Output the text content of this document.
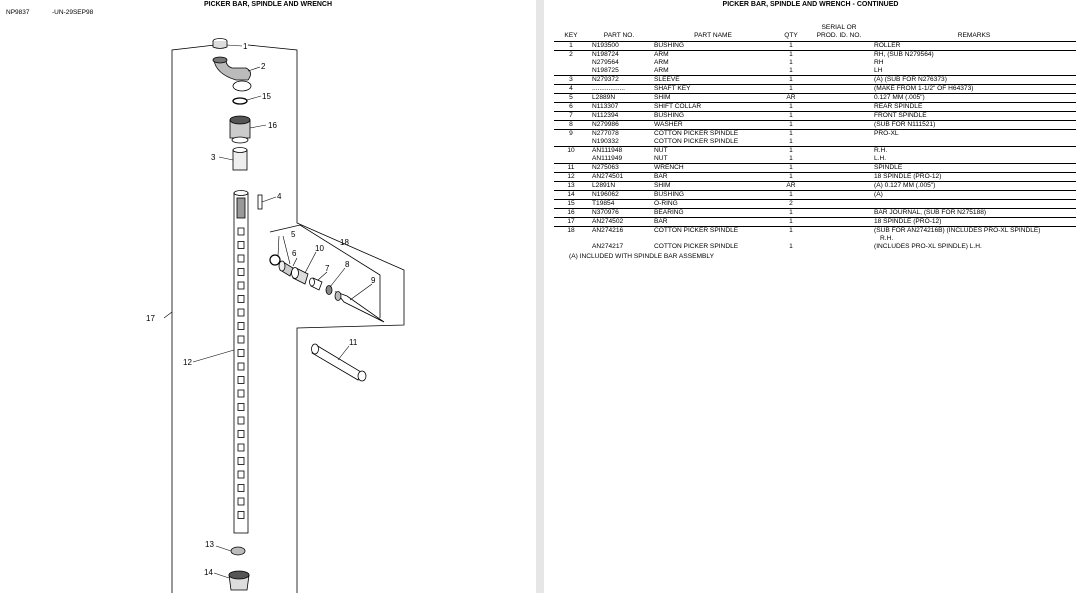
NP9837	-UN-29SEP98
PICKER BAR, SPINDLE AND WRENCH
1
2
15
16
3
4
5
18
10
6
7 8
9
11
17
12
13
14
PICKER BAR, SPINDLE AND WRENCH - CONTINUED
KEY	PART NO.	PART NAME	QTY	SERIAL OR
PROD. ID. NO.	REMARKS
1	N193500	BUSHING	1		ROLLER
2	N198724	ARM	1		RH, (SUB N279564)
	N279564	ARM	1		RH
	N198725	ARM	1		LH
3	N279372	SLEEVE	1		(A) (SUB FOR N276373)
4	..................	SHAFT KEY	1		(MAKE FROM 1-1/2" OF H64373)
5	L2889N	SHIM	AR		0.127 MM (.005")
6	N113307	SHIFT COLLAR	1		REAR SPINDLE
7	N112394	BUSHING	1		FRONT SPINDLE
8	N279986	WASHER	1		(SUB FOR N111521)
9	N277078	COTTON PICKER SPINDLE	1		PRO-XL
	N190332	COTTON PICKER SPINDLE	1		
10	AN111948	NUT	1		R.H.
	AN111949	NUT	1		L.H.
11	N275063	WRENCH	1		SPINDLE
12	AN274501	BAR	1		18 SPINDLE (PRO-12)
13	L2891N	SHIM	AR		(A) 0.127 MM (.005")
14	N196062	BUSHING	1		(A)
15	T19854	O-RING	2		
16	N370976	BEARING	1		BAR JOURNAL, (SUB FOR N275188)
17	AN274502	BAR	1		18 SPINDLE (PRO-12)
18	AN274216	COTTON PICKER SPINDLE	1		(SUB FOR AN274216B) (INCLUDES PRO-XL SPINDLE)
R.H.

	AN274217	COTTON PICKER SPINDLE	1		(INCLUDES PRO-XL SPINDLE) L.H.
(A) INCLUDED WITH SPINDLE BAR ASSEMBLY
